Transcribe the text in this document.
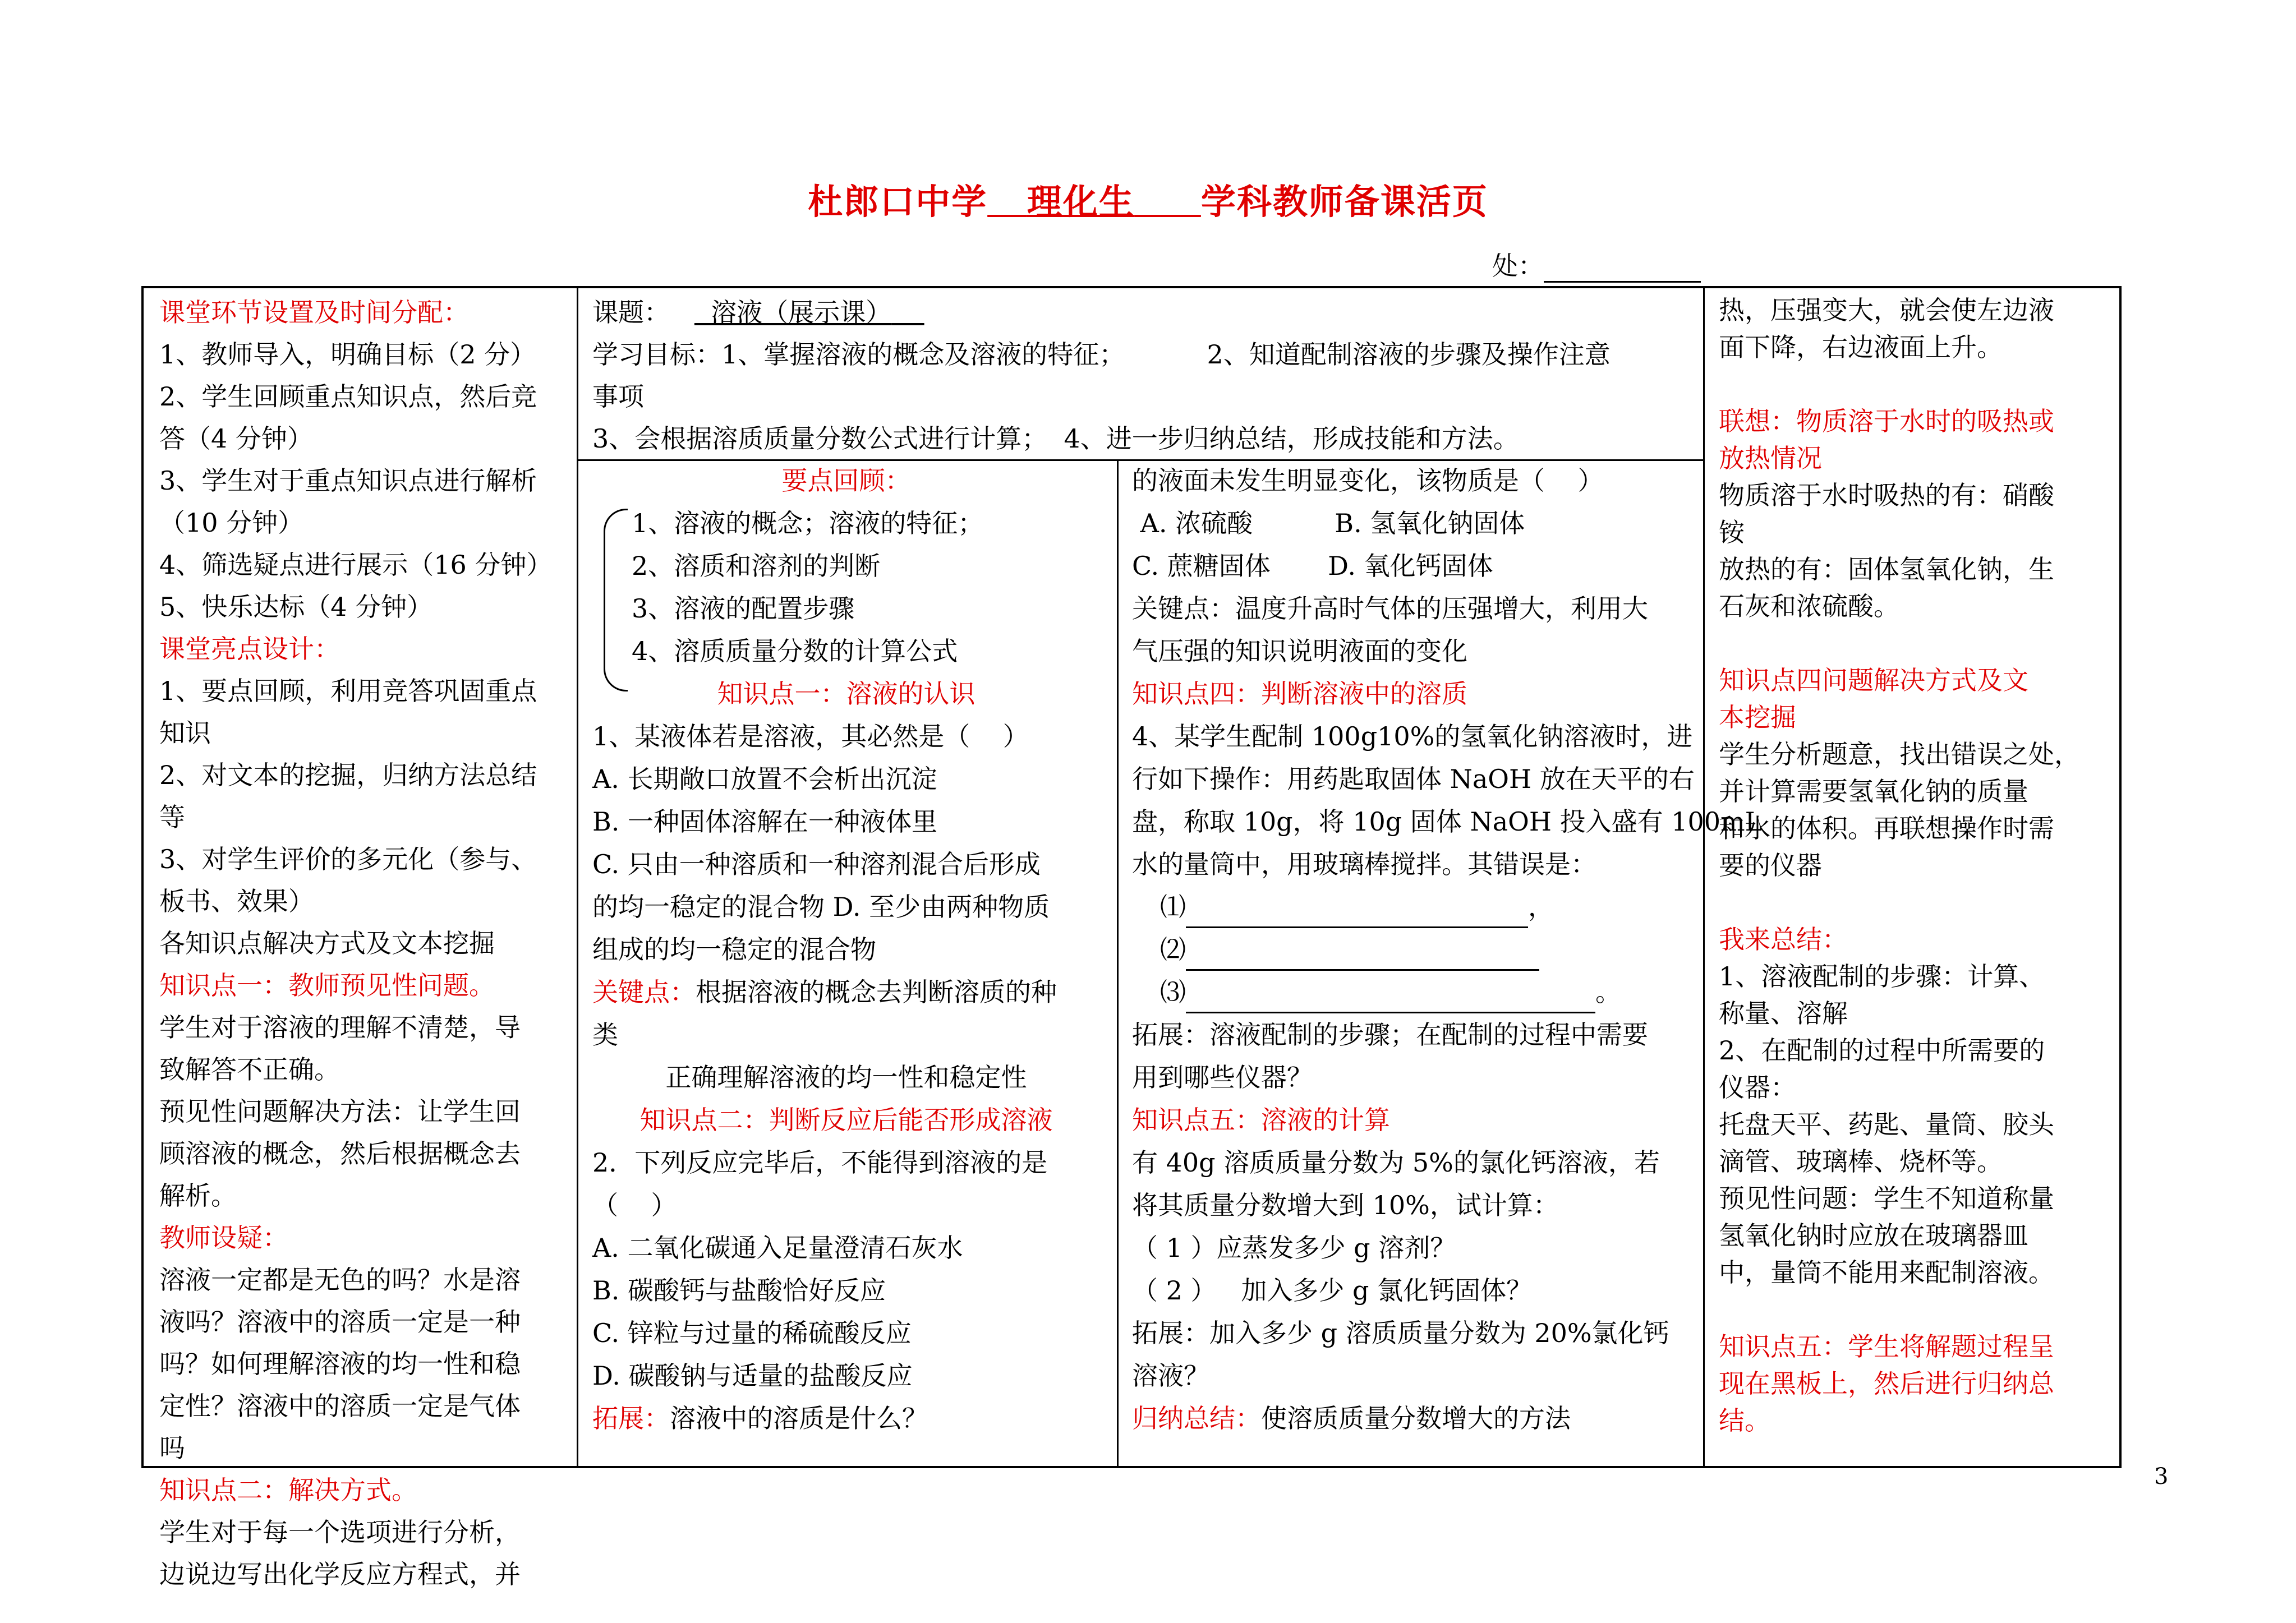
杜郎口中学 理化生 学科教师备课活页
处：

课堂环节设置及时间分配：

1、教师导入，明确目标（2 分）

2、学生回顾重点知识点，然后竞

答（4 分钟）

3、学生对于重点知识点进行解析

（10 分钟）

4、筛选疑点进行展示（16 分钟）

5、快乐达标（4 分钟）

课堂亮点设计：

1、要点回顾，利用竞答巩固重点

知识

2、对文本的挖掘，归纳方法总结

等

3、对学生评价的多元化（参与、

板书、效果）

各知识点解决方式及文本挖掘

知识点一：教师预见性问题。

学生对于溶液的理解不清楚，导

致解答不正确。

预见性问题解决方法：让学生回

顾溶液的概念，然后根据概念去

解析。

教师设疑：

溶液一定都是无色的吗？水是溶

液吗？溶液中的溶质一定是一种

吗？如何理解溶液的均一性和稳

定性？溶液中的溶质一定是气体

吗

知识点二：解决方式。

学生对于每一个选项进行分析，

边说边写出化学反应方程式，并

课题： 溶液（展示课）

学习目标：1、掌握溶液的概念及溶液的特征；          2、知道配制溶液的步骤及操作注意

事项

3、会根据溶质质量分数公式进行计算；  4、进一步归纳总结，形成技能和方法。

要点回顾：

1、溶液的概念；溶液的特征；

2、溶质和溶剂的判断

3、溶液的配置步骤

4、溶质质量分数的计算公式

知识点一：溶液的认识

1、某液体若是溶液，其必然是（    ）

A. 长期敞口放置不会析出沉淀

B. 一种固体溶解在一种液体里

C. 只由一种溶质和一种溶剂混合后形成

的均一稳定的混合物 D. 至少由两种物质

组成的均一稳定的混合物

关键点：根据溶液的概念去判断溶质的种

类

正确理解溶液的均一性和稳定性

知识点二：判断反应后能否形成溶液

2．下列反应完毕后，不能得到溶液的是

（    ）

A. 二氧化碳通入足量澄清石灰水

B. 碳酸钙与盐酸恰好反应

C. 锌粒与过量的稀硫酸反应

D. 碳酸钠与适量的盐酸反应

拓展：溶液中的溶质是什么？

的液面未发生明显变化，该物质是（    ）

A. 浓硫酸          B. 氢氧化钠固体

C. 蔗糖固体       D. 氧化钙固体

关键点：温度升高时气体的压强增大，利用大

气压强的知识说明液面的变化

知识点四：判断溶液中的溶质

4、某学生配制 100g10%的氢氧化钠溶液时，进

行如下操作：用药匙取固体 NaOH 放在天平的右

盘，称取 10g，将 10g 固体 NaOH 投入盛有 100mL

水的量筒中，用玻璃棒搅拌。其错误是：

⑴	，

⑵

⑶	。

拓展：溶液配制的步骤；在配制的过程中需要

用到哪些仪器？

知识点五：溶液的计算

有 40g 溶质质量分数为 5%的氯化钙溶液，若

将其质量分数增大到 10%，试计算：

（ 1 ）应蒸发多少 g 溶剂？

（ 2 ）   加入多少 g 氯化钙固体？

拓展：加入多少 g 溶质质量分数为 20%氯化钙

溶液？

归纳总结：使溶质质量分数增大的方法

热，压强变大，就会使左边液

面下降，右边液面上升。

联想：物质溶于水时的吸热或

放热情况

物质溶于水时吸热的有：硝酸

铵

放热的有：固体氢氧化钠，生

石灰和浓硫酸。

知识点四问题解决方式及文

本挖掘

学生分析题意，找出错误之处，

并计算需要氢氧化钠的质量

和水的体积。再联想操作时需

要的仪器

我来总结：

1、溶液配制的步骤：计算、

称量、溶解

2、在配制的过程中所需要的

仪器：

托盘天平、药匙、量筒、胶头

滴管、玻璃棒、烧杯等。

预见性问题：学生不知道称量

氢氧化钠时应放在玻璃器皿

中，量筒不能用来配制溶液。

知识点五：学生将解题过程呈

现在黑板上，然后进行归纳总

结。

3
